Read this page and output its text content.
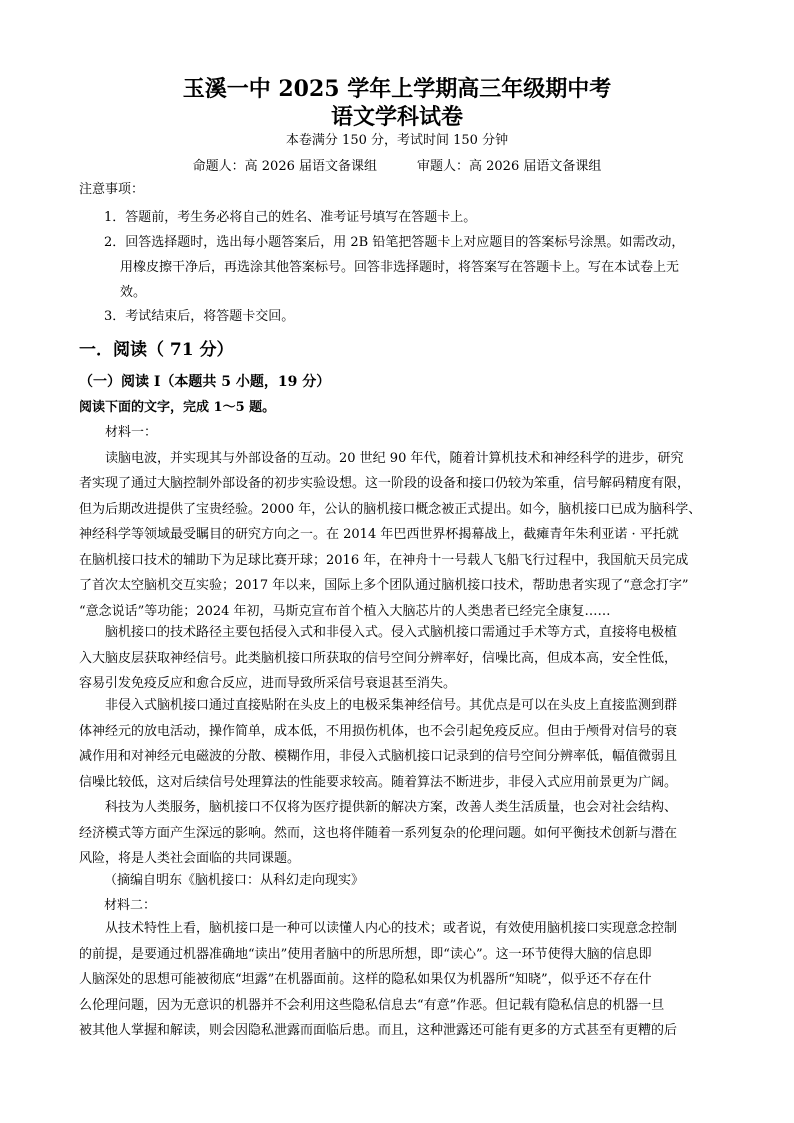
玉溪一中 2025 学年上学期高三年级期中考
语文学科试卷
本卷满分 150 分，考试时间 150 分钟
命题人：高 2026 届语文备课组	审题人：高 2026 届语文备课组
注意事项：
1．答题前，考生务必将自己的姓名、准考证号填写在答题卡上。
2．回答选择题时，选出每小题答案后，用 2B 铅笔把答题卡上对应题目的答案标号涂黑。如需改动，
用橡皮擦干净后，再选涂其他答案标号。回答非选择题时，将答案写在答题卡上。写在本试卷上无
效。
3．考试结束后，将答题卡交回。
一．阅读（ 71 分）
（一）阅读 I（本题共 5 小题，19 分）
阅读下面的文字，完成 1～5 题。
材料一：
读脑电波，并实现其与外部设备的互动。20 世纪 90 年代，随着计算机技术和神经科学的进步，研究
者实现了通过大脑控制外部设备的初步实验设想。这一阶段的设备和接口仍较为笨重，信号解码精度有限，
但为后期改进提供了宝贵经验。2000 年，公认的脑机接口概念被正式提出。如今，脑机接口已成为脑科学、
神经科学等领域最受瞩目的研究方向之一。在 2014 年巴西世界杯揭幕战上，截瘫青年朱利亚诺 · 平托就
在脑机接口技术的辅助下为足球比赛开球；2016 年，在神舟十一号载人飞船飞行过程中，我国航天员完成
了首次太空脑机交互实验；2017 年以来，国际上多个团队通过脑机接口技术，帮助患者实现了“意念打字”
“意念说话”等功能；2024 年初，马斯克宣布首个植入大脑芯片的人类患者已经完全康复……
脑机接口的技术路径主要包括侵入式和非侵入式。侵入式脑机接口需通过手术等方式，直接将电极植
入大脑皮层获取神经信号。此类脑机接口所获取的信号空间分辨率好，信噪比高，但成本高，安全性低，
容易引发免疫反应和愈合反应，进而导致所采信号衰退甚至消失。
非侵入式脑机接口通过直接贴附在头皮上的电极采集神经信号。其优点是可以在头皮上直接监测到群
体神经元的放电活动，操作简单，成本低，不用损伤机体，也不会引起免疫反应。但由于颅骨对信号的衰
减作用和对神经元电磁波的分散、模糊作用，非侵入式脑机接口记录到的信号空间分辨率低，幅值微弱且
信噪比较低，这对后续信号处理算法的性能要求较高。随着算法不断进步，非侵入式应用前景更为广阔。
科技为人类服务，脑机接口不仅将为医疗提供新的解决方案，改善人类生活质量，也会对社会结构、
经济模式等方面产生深远的影响。然而，这也将伴随着一系列复杂的伦理问题。如何平衡技术创新与潜在
风险，将是人类社会面临的共同课题。
（摘编自明东《脑机接口：从科幻走向现实》
材料二：
从技术特性上看，脑机接口是一种可以读懂人内心的技术；或者说，有效使用脑机接口实现意念控制
的前提，是要通过机器准确地“读出”使用者脑中的所思所想，即“读心”。这一环节使得大脑的信息即
人脑深处的思想可能被彻底“坦露”在机器面前。这样的隐私如果仅为机器所“知晓”，似乎还不存在什
么伦理问题，因为无意识的机器并不会利用这些隐私信息去“有意”作恶。但记载有隐私信息的机器一旦
被其他人掌握和解读，则会因隐私泄露而面临后患。而且，这种泄露还可能有更多的方式甚至有更糟的后
